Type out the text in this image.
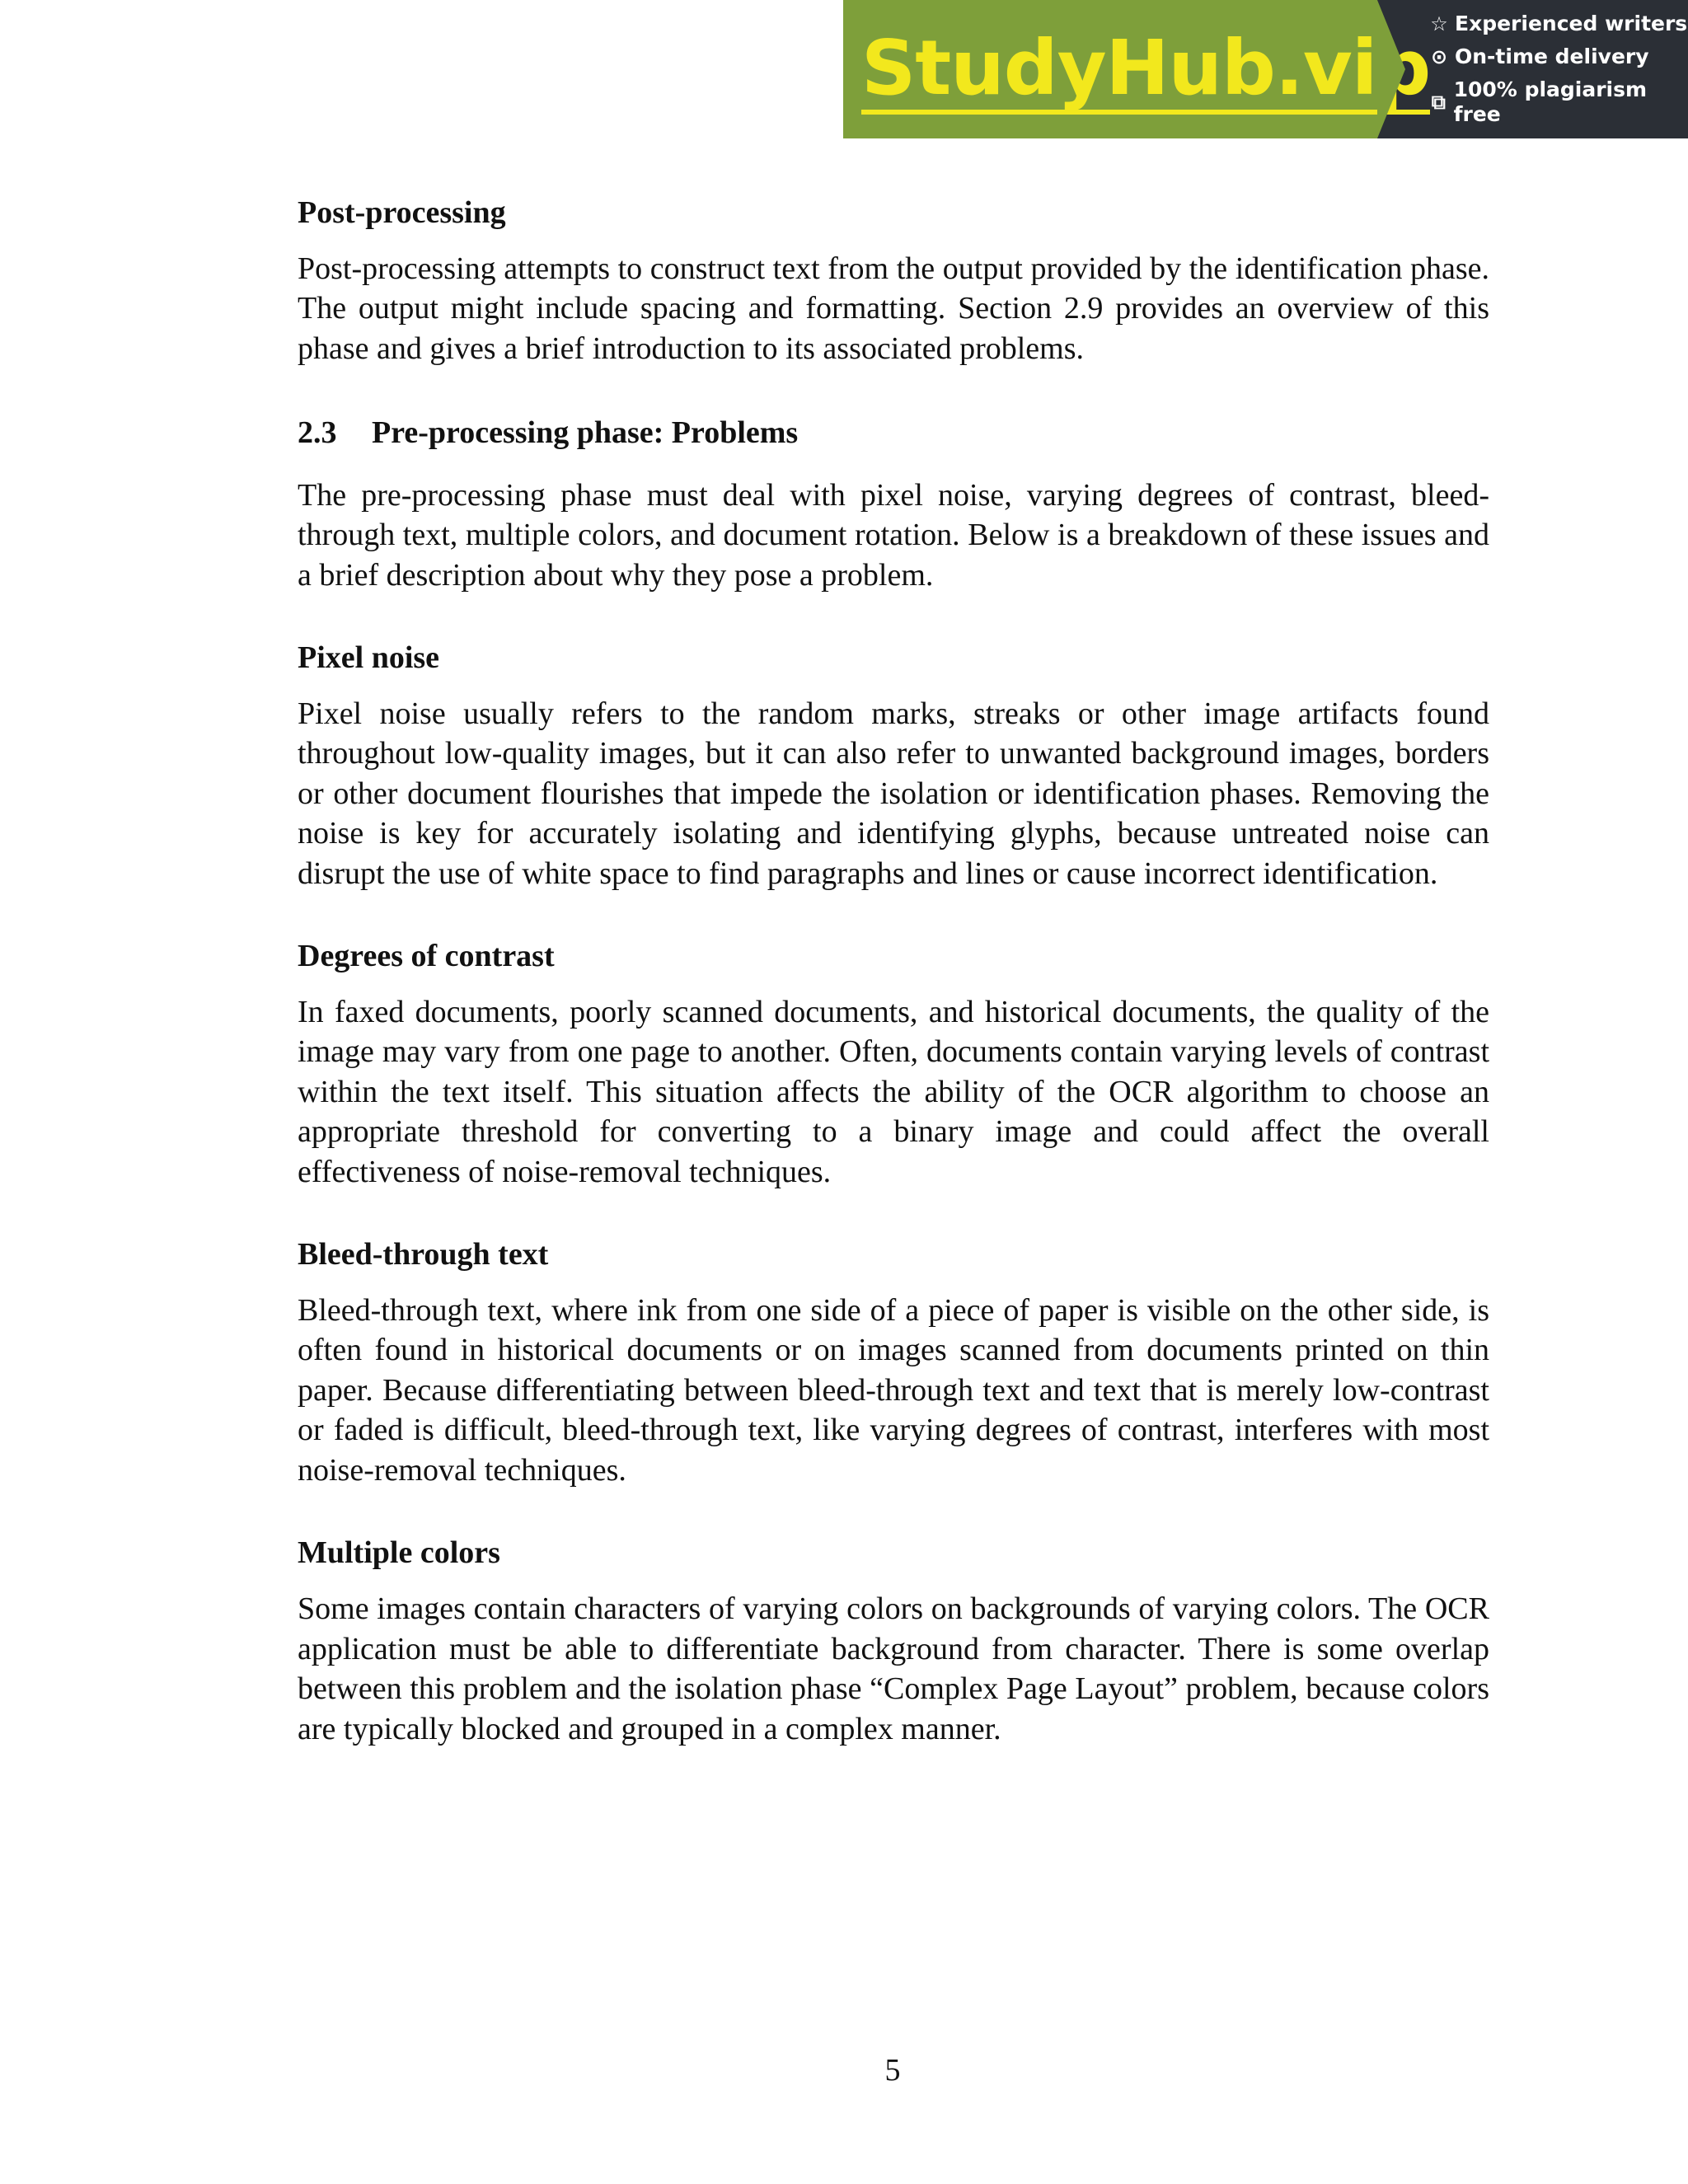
StudyHub.vip
☆ Experienced writers
⊙ On-time delivery
⧉
100% plagiarism free
Post-processing

Post-processing attempts to construct text from the output provided by the identification phase. The output might include spacing and formatting. Section 2.9 provides an overview of this phase and gives a brief introduction to its associated problems.

2.3 Pre-processing phase: Problems

The pre-processing phase must deal with pixel noise, varying degrees of contrast, bleed-through text, multiple colors, and document rotation. Below is a breakdown of these issues and a brief description about why they pose a problem.

Pixel noise

Pixel noise usually refers to the random marks, streaks or other image artifacts found throughout low-quality images, but it can also refer to unwanted background images, borders or other document flourishes that impede the isolation or identification phases. Removing the noise is key for accurately isolating and identifying glyphs, because untreated noise can disrupt the use of white space to find paragraphs and lines or cause incorrect identification.

Degrees of contrast

In faxed documents, poorly scanned documents, and historical documents, the quality of the image may vary from one page to another. Often, documents contain varying levels of contrast within the text itself. This situation affects the ability of the OCR algorithm to choose an appropriate threshold for converting to a binary image and could affect the overall effectiveness of noise-removal techniques.

Bleed-through text

Bleed-through text, where ink from one side of a piece of paper is visible on the other side, is often found in historical documents or on images scanned from documents printed on thin paper. Because differentiating between bleed-through text and text that is merely low-contrast or faded is difficult, bleed-through text, like varying degrees of contrast, interferes with most noise-removal techniques.

Multiple colors

Some images contain characters of varying colors on backgrounds of varying colors. The OCR application must be able to differentiate background from character. There is some overlap between this problem and the isolation phase “Complex Page Layout” problem, because colors are typically blocked and grouped in a complex manner.

5
